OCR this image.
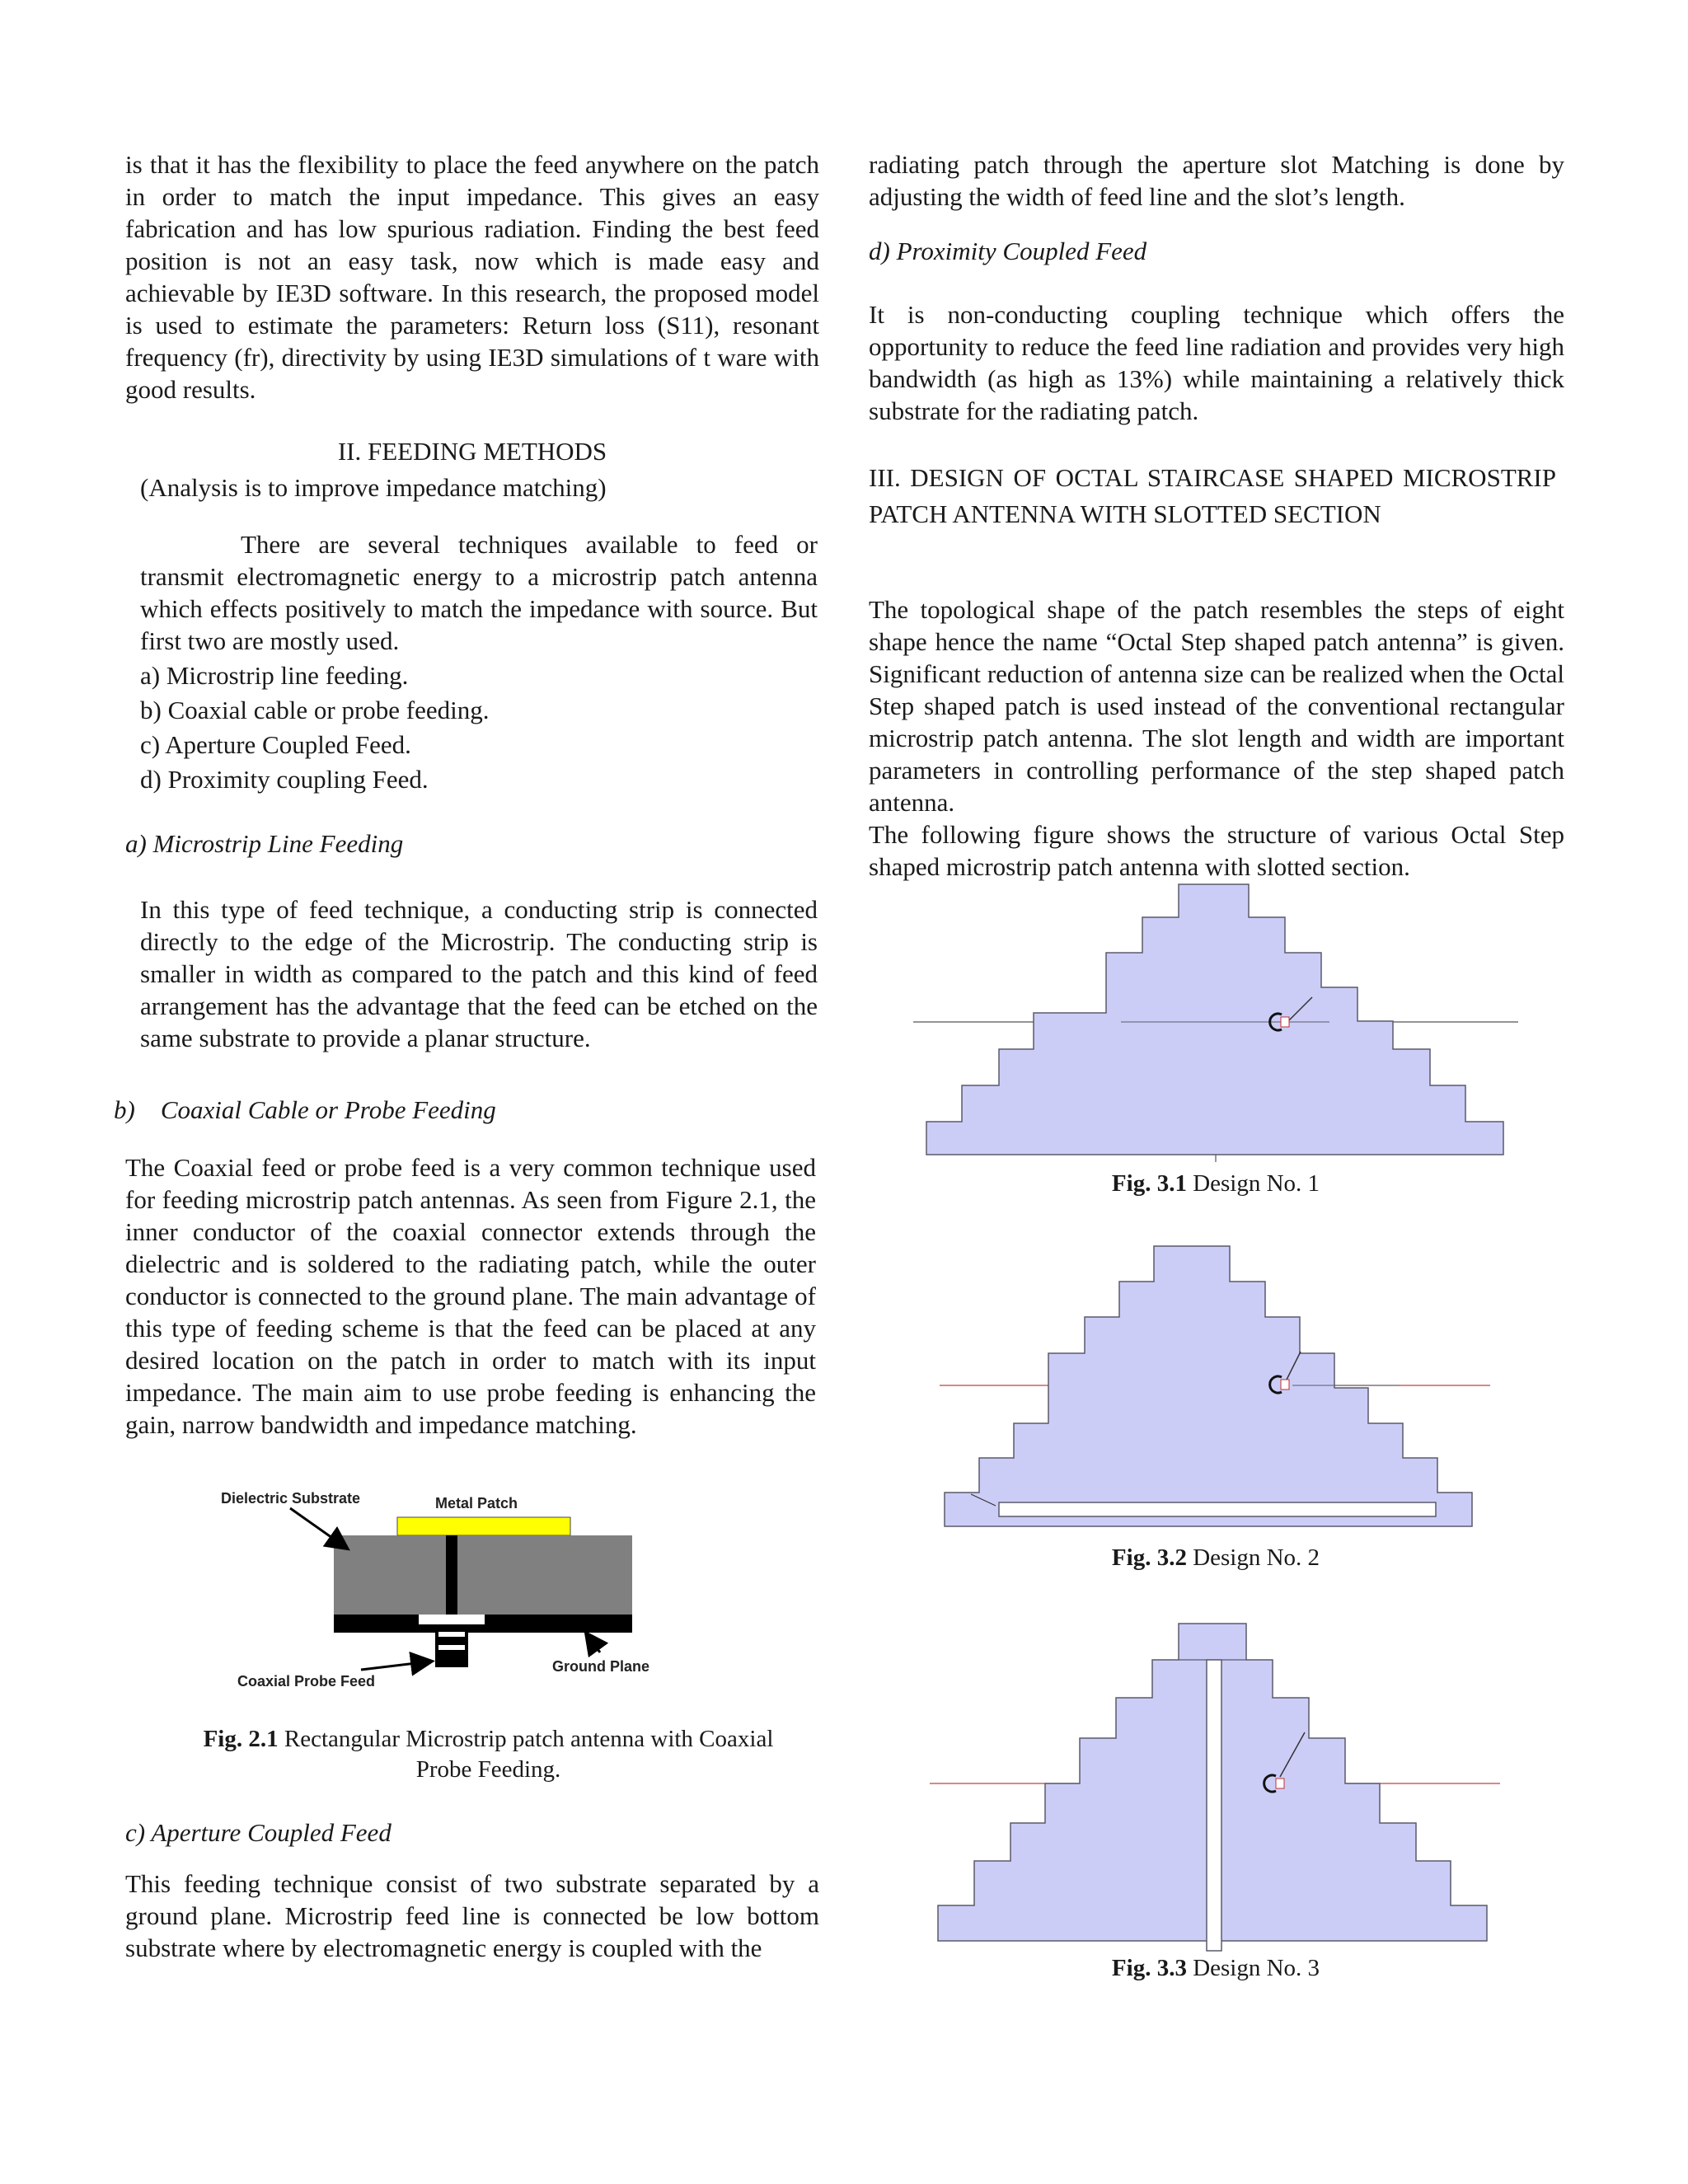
is that it has the flexibility to place the feed anywhere on the patch in order to match the input impedance. This gives an easy fabrication and has low spurious radiation. Finding the best feed position is not an easy task, now which is made easy and achievable by IE3D software. In this research, the proposed model is used to estimate the parameters: Return loss (S11), resonant frequency (fr), directivity by using IE3D simulations of t ware with good results.

II. FEEDING METHODS

(Analysis is to improve impedance matching)

There are several techniques available to feed or transmit electromagnetic energy to a microstrip patch antenna which effects positively to match the impedance with source. But first two are mostly used.

a) Microstrip line feeding.
b) Coaxial cable or probe feeding.
c) Aperture Coupled Feed.
d) Proximity coupling Feed.

a) Microstrip Line Feeding

In this type of feed technique, a conducting strip is connected directly to the edge of the Microstrip. The conducting strip is smaller in width as compared to the patch and this kind of feed arrangement has the advantage that the feed can be etched on the same substrate to provide a planar structure.

b)    Coaxial Cable or Probe Feeding

The Coaxial feed or probe feed is a very common technique used for feeding microstrip patch antennas. As seen from Figure 2.1, the inner conductor of the coaxial connector extends through the dielectric and is soldered to the radiating patch, while the outer conductor is connected to the ground plane. The main advantage of this type of feeding scheme is that the feed can be placed at any desired location on the patch in order to match with its input impedance. The main aim to use probe feeding is enhancing the gain, narrow bandwidth and impedance matching.

Dielectric Substrate	Metal Patch
Ground Plane
Coaxial Probe Feed

Fig. 2.1 Rectangular Microstrip patch antenna with Coaxial Probe Feeding.

c) Aperture Coupled Feed

This feeding technique consist of two substrate separated by a ground plane. Microstrip feed line is connected be low bottom substrate where by electromagnetic energy is coupled with the

radiating patch through the aperture slot Matching is done by adjusting the width of feed line and the slot’s length.

d) Proximity Coupled Feed

It is non-conducting coupling technique which offers the opportunity to reduce the feed line radiation and provides very high bandwidth (as high as 13%) while maintaining a relatively thick substrate for the radiating patch.

III. DESIGN OF OCTAL STAIRCASE SHAPED MICROSTRIP PATCH ANTENNA WITH SLOTTED SECTION

The topological shape of the patch resembles the steps of eight shape hence the name “Octal Step shaped patch antenna” is given. Significant reduction of antenna size can be realized when the Octal Step shaped patch is used instead of the conventional rectangular microstrip patch antenna. The slot length and width are important parameters in controlling performance of the step shaped patch antenna.

The following figure shows the structure of various Octal Step shaped microstrip patch antenna with slotted section.

Fig. 3.1 Design No. 1

Fig. 3.2 Design No. 2

Fig. 3.3 Design No. 3
